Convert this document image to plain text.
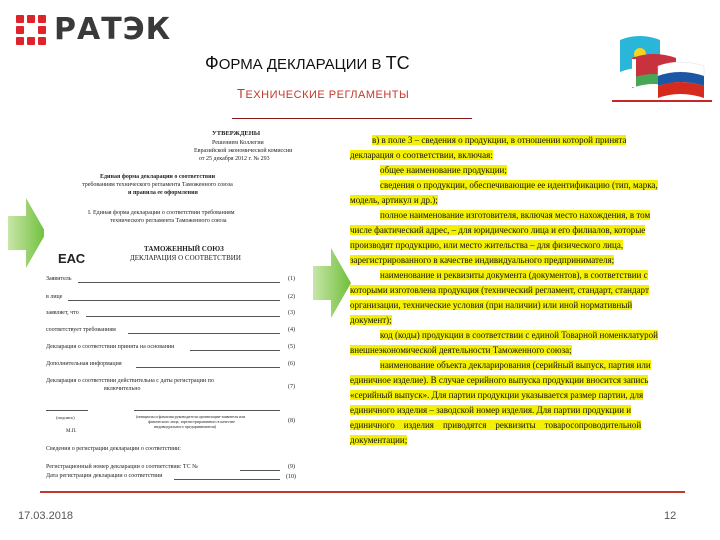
РАТЭК
ФОРМА ДЕКЛАРАЦИИ В ТС
ТЕХНИЧЕСКИЕ РЕГЛАМЕНТЫ
УТВЕРЖДЕНЫ
Решением Коллегии
Евразийской экономической комиссии
от 25 декабря 2012 г. № 293
Единая форма декларации о соответствии
требованиям технического регламента Таможенного союза
и правила ее оформления
I. Единая форма декларации о соответствии требованиям
технического регламента Таможенного союза
ЕАС
ТАМОЖЕННЫЙ СОЮЗ
ДЕКЛАРАЦИЯ О СООТВЕТСТВИИ
Заявитель	(1)
в лице	(2)
заявляет, что	(3)
соответствует требованиям	(4)
Декларация о соответствии принята на основании	(5)
Дополнительная информация	(6)
Декларация о соответствии действительна с даты регистрации по
включительно	(7)
(подпись)	(инициалы и фамилия руководителя организации-заявителя или
физического лица, зарегистрированного в качестве
индивидуального предпринимателя)
(8)
М.П.
Сведения о регистрации декларации о соответствии:
Регистрационный номер декларации о соответствии: ТС №	(9)
Дата регистрации декларации о соответствии	(10)
в) в поле 3 – сведения о продукции, в отношении которой принята
декларация о соответствии, включая:
общее наименование продукции;
сведения о продукции, обеспечивающие ее идентификацию (тип, марка,
модель, артикул и др.);
полное наименование изготовителя, включая место нахождения, в том
числе фактический адрес, – для юридического лица и его филиалов, которые
производят продукцию, или место жительства – для физического лица,
зарегистрированного в качестве индивидуального предпринимателя;
наименование и реквизиты документа (документов), в соответствии с
которыми изготовлена продукция (технический регламент, стандарт, стандарт
организации, технические условия (при наличии) или иной нормативный
документ);
код (коды) продукции в соответствии с единой Товарной номенклатурой
внешнеэкономической деятельности Таможенного союза;
наименование объекта декларирования (серийный выпуск, партия или
единичное изделие). В случае серийного выпуска продукции вносится запись
«серийный выпуск». Для партии продукции указывается размер партии, для
единичного изделия – заводской номер изделия. Для партии продукции и
единичного    изделия    приводятся    реквизиты    товаросопроводительной
документации;
17.03.2018	12
